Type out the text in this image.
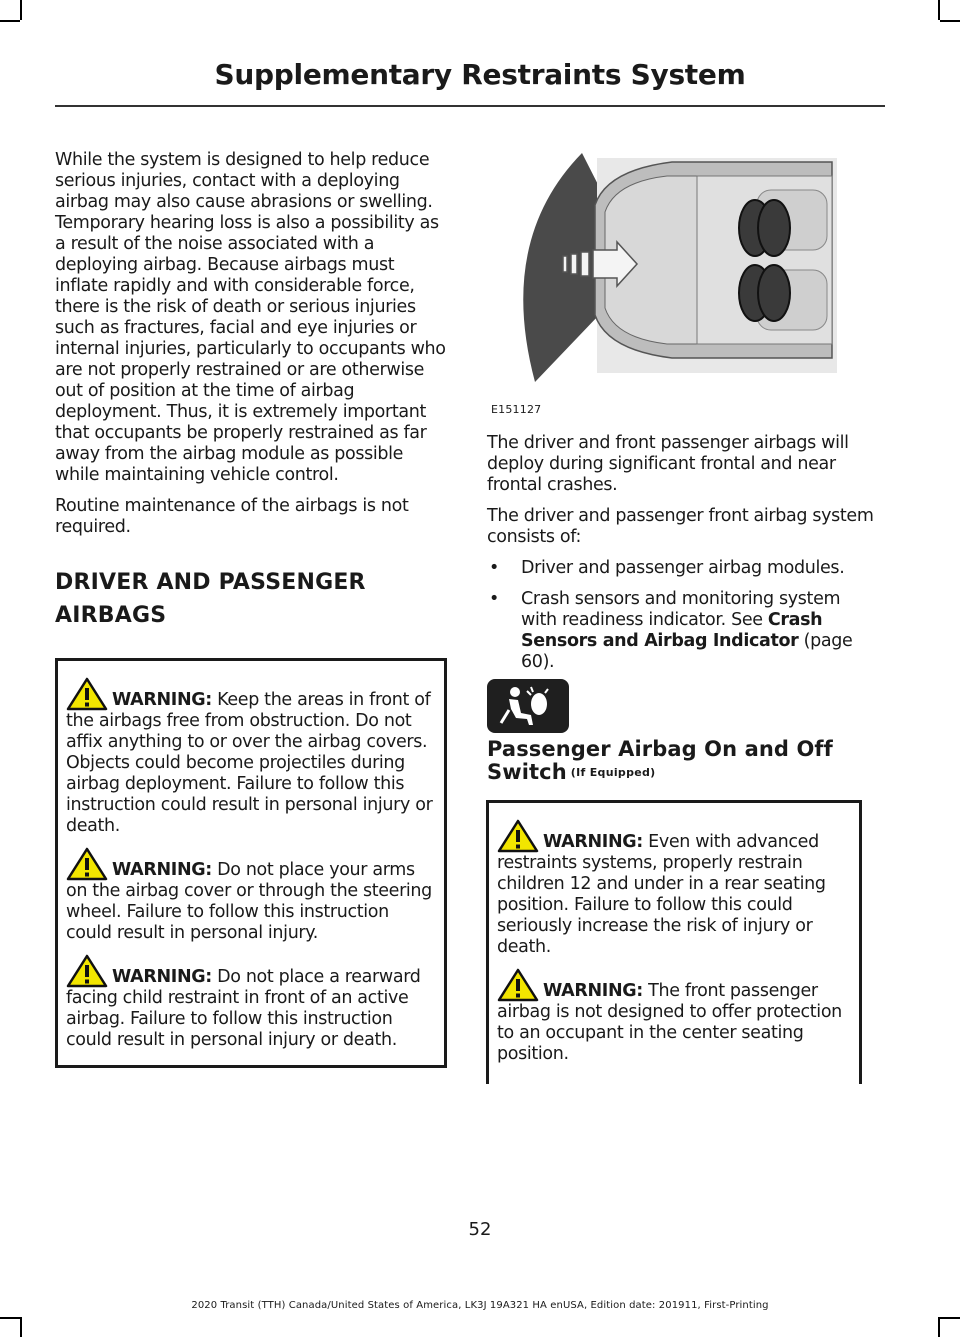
Supplementary Restraints System

While the system is designed to help reduce serious injuries, contact with a deploying airbag may also cause abrasions or swelling. Temporary hearing loss is also a possibility as a result of the noise associated with a deploying airbag. Because airbags must inflate rapidly and with considerable force, there is the risk of death or serious injuries such as fractures, facial and eye injuries or internal injuries, particularly to occupants who are not properly restrained or are otherwise out of position at the time of airbag deployment. Thus, it is extremely important that occupants be properly restrained as far away from the airbag module as possible while maintaining vehicle control.

Routine maintenance of the airbags is not required.

DRIVER AND PASSENGER
AIRBAGS

WARNING: Keep the areas in front of the airbags free from obstruction. Do not affix anything to or over the airbag covers. Objects could become projectiles during airbag deployment. Failure to follow this instruction could result in personal injury or death.

WARNING: Do not place your arms on the airbag cover or through the steering wheel. Failure to follow this instruction could result in personal injury.

WARNING: Do not place a rearward facing child restraint in front of an active airbag. Failure to follow this instruction could result in personal injury or death.

E151127

The driver and front passenger airbags will deploy during significant frontal and near frontal crashes.

The driver and passenger front airbag system consists of:

• Driver and passenger airbag modules.
• Crash sensors and monitoring system with readiness indicator. See Crash Sensors and Airbag Indicator (page 60).
Passenger Airbag On and Off
Switch (If Equipped)

WARNING: Even with advanced restraints systems, properly restrain children 12 and under in a rear seating position. Failure to follow this could seriously increase the risk of injury or death.

WARNING: The front passenger airbag is not designed to offer protection to an occupant in the center seating position.

52
2020 Transit (TTH) Canada/United States of America, LK3J 19A321 HA enUSA, Edition date: 201911, First-Printing
